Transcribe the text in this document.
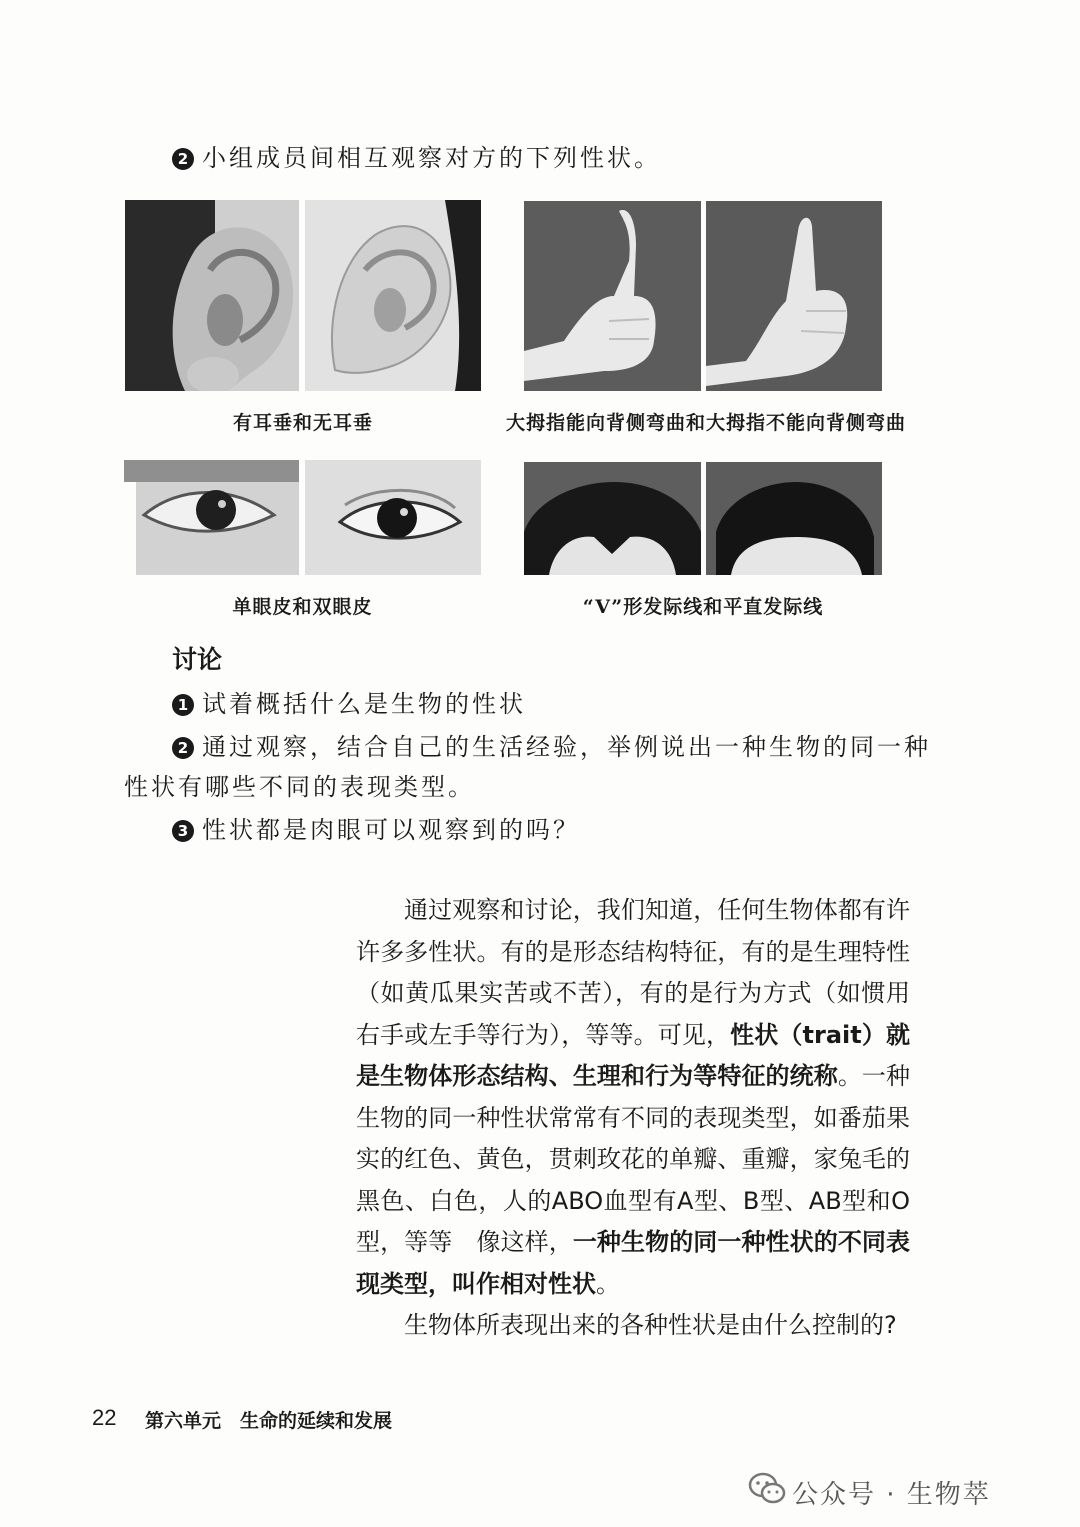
2 小组成员间相互观察对方的下列性状。
有耳垂和无耳垂	大拇指能向背侧弯曲和大拇指不能向背侧弯曲
单眼皮和双眼皮	“V”形发际线和平直发际线
讨论
1 试着概括什么是生物的性状
2 通过观察，结合自己的生活经验，举例说出一种生物的同一种
性状有哪些不同的表现类型。
3 性状都是肉眼可以观察到的吗？

通过观察和讨论，我们知道，任何生物体都有许许多多性状。有的是形态结构特征，有的是生理特性（如黄瓜果实苦或不苦），有的是行为方式（如惯用右手或左手等行为），等等。可见，性状（trait）就是生物体形态结构、生理和行为等特征的统称。一种生物的同一种性状常常有不同的表现类型，如番茄果实的红色、黄色，贯刺玫花的单瓣、重瓣，家兔毛的黑色、白色，人的ABO血型有A型、B型、AB型和O型，等等　像这样，一种生物的同一种性状的不同表现类型，叫作相对性状。

生物体所表现出来的各种性状是由什么控制的?

22 第六单元　生命的延续和发展
公众号 · 生物萃
